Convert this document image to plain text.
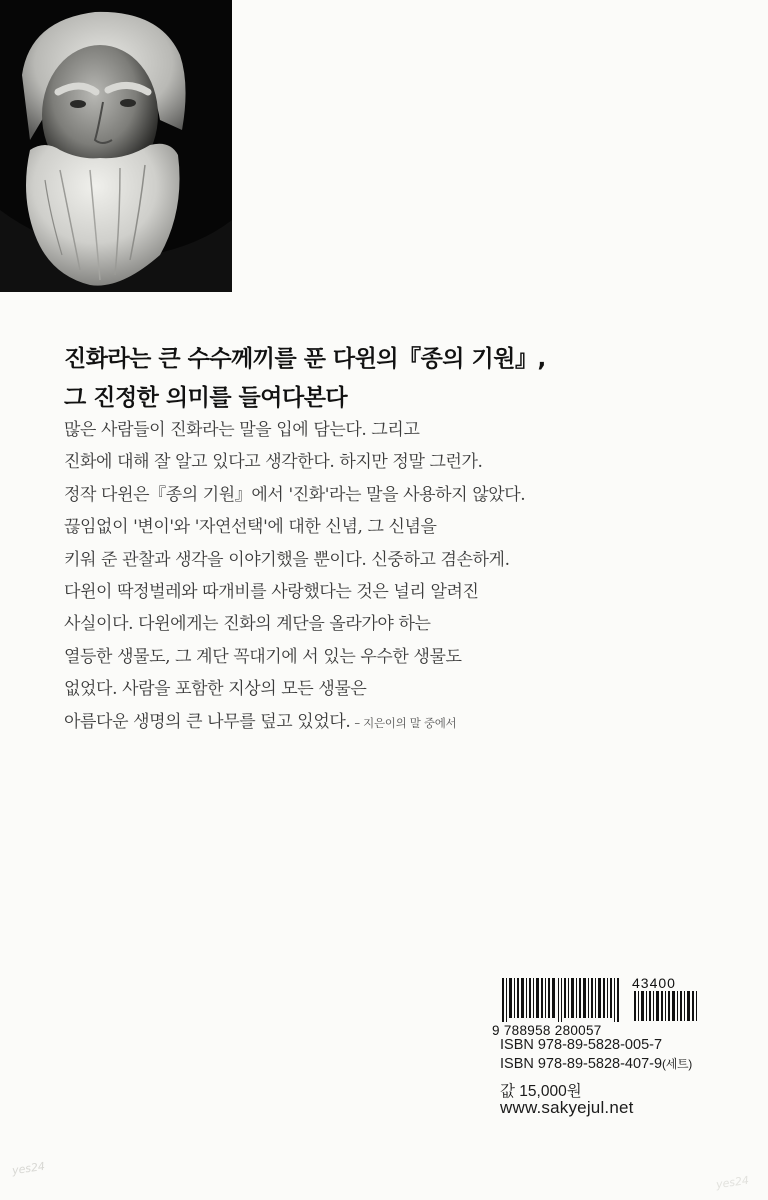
진화라는 큰 수수께끼를 푼 다윈의『종의 기원』,
그 진정한 의미를 들여다본다
많은 사람들이 진화라는 말을 입에 담는다. 그리고
진화에 대해 잘 알고 있다고 생각한다. 하지만 정말 그런가.
정작 다윈은『종의 기원』에서 '진화'라는 말을 사용하지 않았다.
끊임없이 '변이'와 '자연선택'에 대한 신념, 그 신념을
키워 준 관찰과 생각을 이야기했을 뿐이다. 신중하고 겸손하게.
다윈이 딱정벌레와 따개비를 사랑했다는 것은 널리 알려진
사실이다. 다윈에게는 진화의 계단을 올라가야 하는
열등한 생물도, 그 계단 꼭대기에 서 있는 우수한 생물도
없었다. 사람을 포함한 지상의 모든 생물은
아름다운 생명의 큰 나무를 덮고 있었다. – 지은이의 말 중에서
43400
9 788958 280057
ISBN 978-89-5828-005-7
ISBN 978-89-5828-407-9(세트)
값 15,000원
www.sakyejul.net
yes24
yes24
